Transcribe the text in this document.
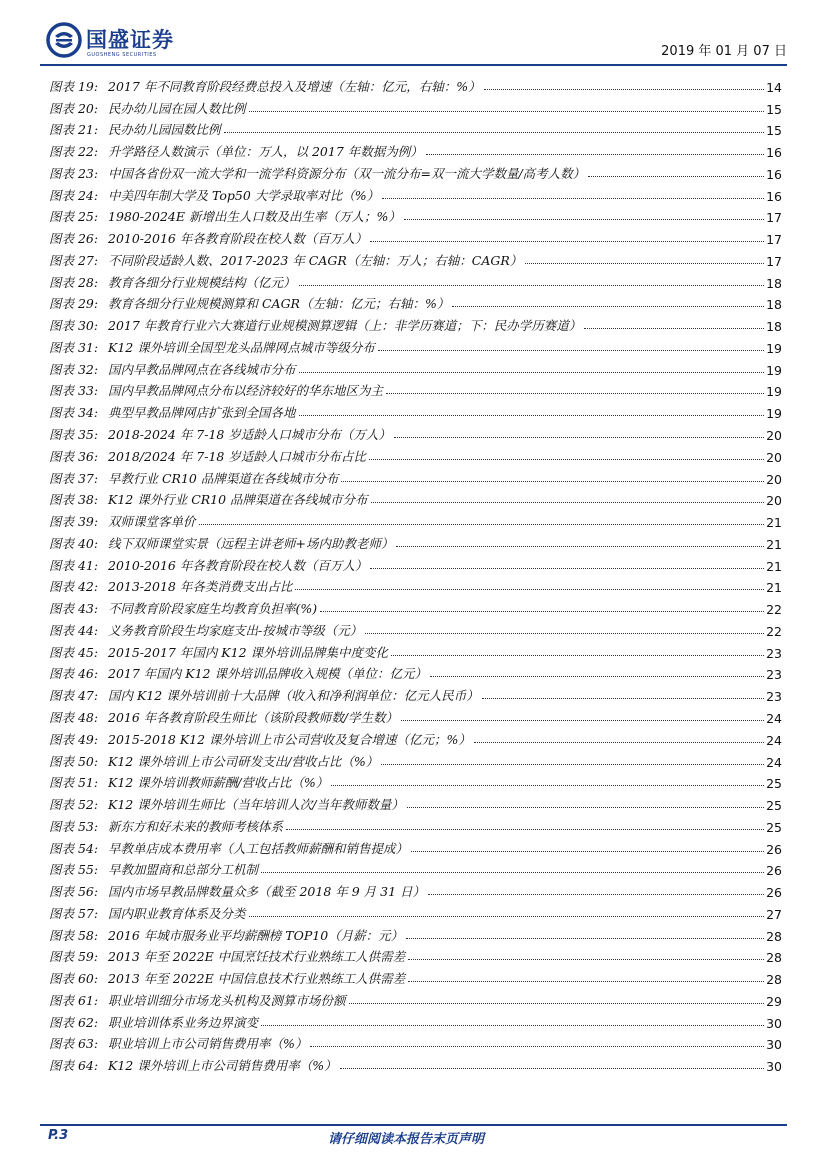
国盛证券
GUOSHENG SECURITIES	2019 年 01 月 07 日
图表 19: 2017 年不同教育阶段经费总投入及增速（左轴：亿元，右轴：%）	14
图表 20: 民办幼儿园在园人数比例	15
图表 21: 民办幼儿园园数比例	15
图表 22: 升学路径人数演示（单位：万人，以 2017 年数据为例）	16
图表 23: 中国各省份双一流大学和一流学科资源分布（双一流分布=双一流大学数量/高考人数）	16
图表 24: 中美四年制大学及 Top50 大学录取率对比（%）	16
图表 25: 1980-2024E 新增出生人口数及出生率（万人；%）	17
图表 26: 2010-2016 年各教育阶段在校人数（百万人）	17
图表 27: 不同阶段适龄人数、2017-2023 年 CAGR（左轴：万人；右轴：CAGR）	17
图表 28: 教育各细分行业规模结构（亿元）	18
图表 29: 教育各细分行业规模测算和 CAGR（左轴：亿元；右轴：%）	18
图表 30: 2017 年教育行业六大赛道行业规模测算逻辑（上：非学历赛道；下：民办学历赛道）	18
图表 31: K12 课外培训全国型龙头品牌网点城市等级分布	19
图表 32: 国内早教品牌网点在各线城市分布	19
图表 33: 国内早教品牌网点分布以经济较好的华东地区为主	19
图表 34: 典型早教品牌网店扩张到全国各地	19
图表 35: 2018-2024 年 7-18 岁适龄人口城市分布（万人）	20
图表 36: 2018/2024 年 7-18 岁适龄人口城市分布占比	20
图表 37: 早教行业 CR10 品牌渠道在各线城市分布	20
图表 38: K12 课外行业 CR10 品牌渠道在各线城市分布	20
图表 39: 双师课堂客单价	21
图表 40: 线下双师课堂实景（远程主讲老师+场内助教老师）	21
图表 41: 2010-2016 年各教育阶段在校人数（百万人）	21
图表 42: 2013-2018 年各类消费支出占比	21
图表 43: 不同教育阶段家庭生均教育负担率(%)	22
图表 44: 义务教育阶段生均家庭支出-按城市等级（元）	22
图表 45: 2015-2017 年国内 K12 课外培训品牌集中度变化	23
图表 46: 2017 年国内 K12 课外培训品牌收入规模（单位：亿元）	23
图表 47: 国内 K12 课外培训前十大品牌（收入和净利润单位：亿元人民币）	23
图表 48: 2016 年各教育阶段生师比（该阶段教师数/学生数）	24
图表 49: 2015-2018 K12 课外培训上市公司营收及复合增速（亿元；%）	24
图表 50: K12 课外培训上市公司研发支出/营收占比（%）	24
图表 51: K12 课外培训教师薪酬/营收占比（%）	25
图表 52: K12 课外培训生师比（当年培训人次/当年教师数量）	25
图表 53: 新东方和好未来的教师考核体系	25
图表 54: 早教单店成本费用率（人工包括教师薪酬和销售提成）	26
图表 55: 早教加盟商和总部分工机制	26
图表 56: 国内市场早教品牌数量众多（截至 2018 年 9 月 31 日）	26
图表 57: 国内职业教育体系及分类	27
图表 58: 2016 年城市服务业平均薪酬榜 TOP10（月薪：元）	28
图表 59: 2013 年至 2022E 中国烹饪技术行业熟练工人供需差	28
图表 60: 2013 年至 2022E 中国信息技术行业熟练工人供需差	28
图表 61: 职业培训细分市场龙头机构及测算市场份额	29
图表 62: 职业培训体系业务边界演变	30
图表 63: 职业培训上市公司销售费用率（%）	30
图表 64: K12 课外培训上市公司销售费用率（%）	30
P.3	请仔细阅读本报告末页声明
